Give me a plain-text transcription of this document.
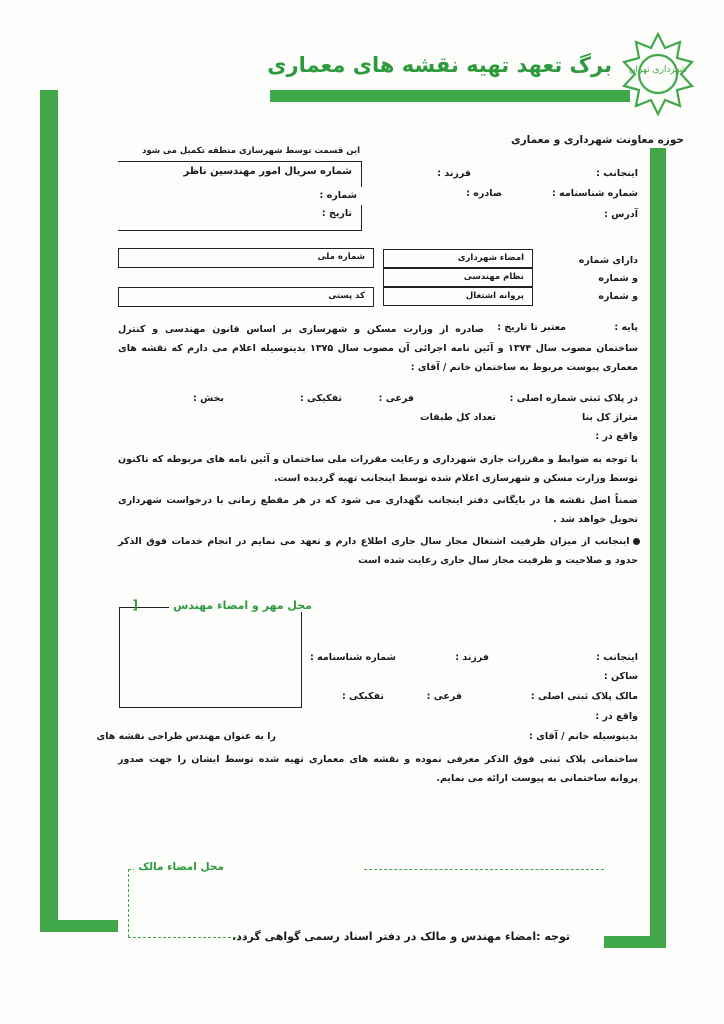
برگ تعهد تهیه نقشه های معماری شهرداری تهران
حوزه معاونت شهرداری و معماری
این قسمت توسط شهرسازی منطقه تکمیل می شود
شماره سریال امور مهندسین ناظر
شماره :
تاریخ :
اینجانب :
فرزند :
شماره شناسنامه :
صادره :
آدرس :
دارای شماره
و شماره
و شماره
امضاء شهرداری
نظام مهندسی
پروانه اشتغال
شماره ملی
کد پستی
پایه :
معتبر تا تاریخ :
صادره از وزارت مسکن و شهرسازی بر اساس قانون مهندسی و کنترل ساختمان مصوب سال ۱۳۷۴ و آئین نامه اجرائی آن مصوب سال ۱۳۷۵ بدینوسیله اعلام می دارم که نقشه های معماری پیوست مربوط به ساختمان خانم / آقای :
در پلاک ثبتی شماره اصلی :
فرعی :
تفکیکی :
بخش :
متراژ کل بنا
تعداد کل طبقات
واقع در :
با توجه به ضوابط و مقررات جاری شهرداری و رعایت مقررات ملی ساختمان و آئین نامه های مربوطه که تاکنون توسط وزارت مسکن و شهرسازی اعلام شده توسط اینجانب تهیه گردیده است.
ضمناً اصل نقشه ها در بایگانی دفتر اینجانب نگهداری می شود که در هر مقطع زمانی با درخواست شهرداری تحویل خواهد شد .
- اینجانب از میزان ظرفیت اشتغال مجاز سال جاری اطلاع دارم و تعهد می نمایم در انجام خدمات فوق الذکر حدود و صلاحیت و ظرفیت مجاز سال جاری رعایت شده است
محل مهر و امضاء مهندس
[
اینجانب :
فرزند :
شماره شناسنامه :
ساکن :
مالک پلاک ثبتی اصلی :
فرعی :
تفکیکی :
واقع در :
بدینوسیله خانم / آقای :
را به عنوان مهندس طراحی نقشه های
ساختمانی پلاک ثبتی فوق الذکر معرفی نموده و نقشه های معماری تهیه شده توسط ایشان را جهت صدور پروانه ساختمانی به پیوست ارائه می نمایم.
محل امضاء مالک
توجه :امضاء مهندس و مالک در دفتر اسناد رسمی گواهی گردد.
